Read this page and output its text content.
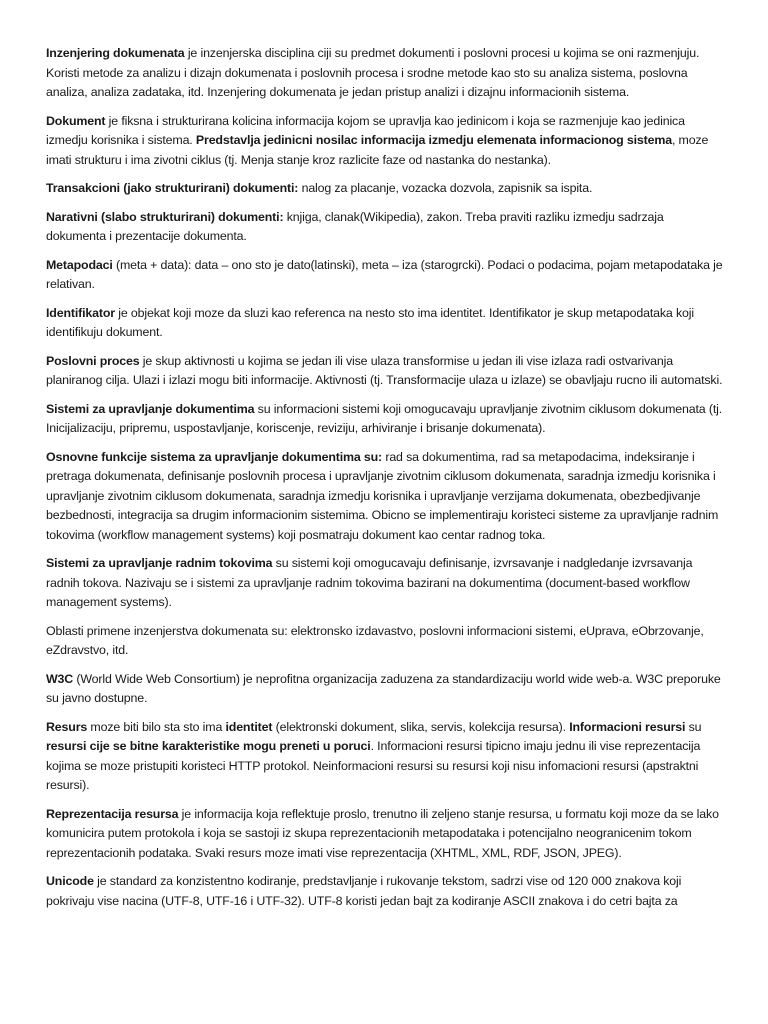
Inzenjering dokumenata je inzenjerska disciplina ciji su predmet dokumenti i poslovni procesi u kojima se oni razmenjuju. Koristi metode za analizu i dizajn dokumenata i poslovnih procesa i srodne metode kao sto su analiza sistema, poslovna analiza, analiza zadataka, itd. Inzenjering dokumenata je jedan pristup analizi i dizajnu informacionih sistema.

Dokument je fiksna i strukturirana kolicina informacija kojom se upravlja kao jedinicom i koja se razmenjuje kao jedinica izmedju korisnika i sistema. Predstavlja jedinicni nosilac informacija izmedju elemenata informacionog sistema, moze imati strukturu i ima zivotni ciklus (tj. Menja stanje kroz razlicite faze od nastanka do nestanka).

Transakcioni (jako strukturirani) dokumenti: nalog za placanje, vozacka dozvola, zapisnik sa ispita.

Narativni (slabo strukturirani) dokumenti: knjiga, clanak(Wikipedia), zakon. Treba praviti razliku izmedju sadrzaja dokumenta i prezentacije dokumenta.

Metapodaci (meta + data): data – ono sto je dato(latinski), meta – iza (starogrcki). Podaci o podacima, pojam metapodataka je relativan.

Identifikator je objekat koji moze da sluzi kao referenca na nesto sto ima identitet. Identifikator je skup metapodataka koji identifikuju dokument.

Poslovni proces je skup aktivnosti u kojima se jedan ili vise ulaza transformise u jedan ili vise izlaza radi ostvarivanja planiranog cilja. Ulazi i izlazi mogu biti informacije. Aktivnosti (tj. Transformacije ulaza u izlaze) se obavljaju rucno ili automatski.

Sistemi za upravljanje dokumentima su informacioni sistemi koji omogucavaju upravljanje zivotnim ciklusom dokumenata (tj. Inicijalizaciju, pripremu, uspostavljanje, koriscenje, reviziju, arhiviranje i brisanje dokumenata).

Osnovne funkcije sistema za upravljanje dokumentima su: rad sa dokumentima, rad sa metapodacima, indeksiranje i pretraga dokumenata, definisanje poslovnih procesa i upravljanje zivotnim ciklusom dokumenata, saradnja izmedju korisnika i upravljanje zivotnim ciklusom dokumenata, saradnja izmedju korisnika i upravljanje verzijama dokumenata, obezbedjivanje bezbednosti, integracija sa drugim informacionim sistemima. Obicno se implementiraju koristeci sisteme za upravljanje radnim tokovima (workflow management systems) koji posmatraju dokument kao centar radnog toka.

Sistemi za upravljanje radnim tokovima su sistemi koji omogucavaju definisanje, izvrsavanje i nadgledanje izvrsavanja radnih tokova. Nazivaju se i sistemi za upravljanje radnim tokovima bazirani na dokumentima (document-based workflow management systems).

Oblasti primene inzenjerstva dokumenata su: elektronsko izdavastvo, poslovni informacioni sistemi, eUprava, eObrzovanje, eZdravstvo, itd.

W3C (World Wide Web Consortium) je neprofitna organizacija zaduzena za standardizaciju world wide web-a. W3C preporuke su javno dostupne.

Resurs moze biti bilo sta sto ima identitet (elektronski dokument, slika, servis, kolekcija resursa). Informacioni resursi su resursi cije se bitne karakteristike mogu preneti u poruci. Informacioni resursi tipicno imaju jednu ili vise reprezentacija kojima se moze pristupiti koristeci HTTP protokol. Neinformacioni resursi su resursi koji nisu infomacioni resursi (apstraktni resursi).

Reprezentacija resursa je informacija koja reflektuje proslo, trenutno ili zeljeno stanje resursa, u formatu koji moze da se lako komunicira putem protokola i koja se sastoji iz skupa reprezentacionih metapodataka i potencijalno neogranicenim tokom reprezentacionih podataka. Svaki resurs moze imati vise reprezentacija (XHTML, XML, RDF, JSON, JPEG).

Unicode je standard za konzistentno kodiranje, predstavljanje i rukovanje tekstom, sadrzi vise od 120 000 znakova koji pokrivaju vise nacina (UTF-8, UTF-16 i UTF-32). UTF-8 koristi jedan bajt za kodiranje ASCII znakova i do cetri bajta za
